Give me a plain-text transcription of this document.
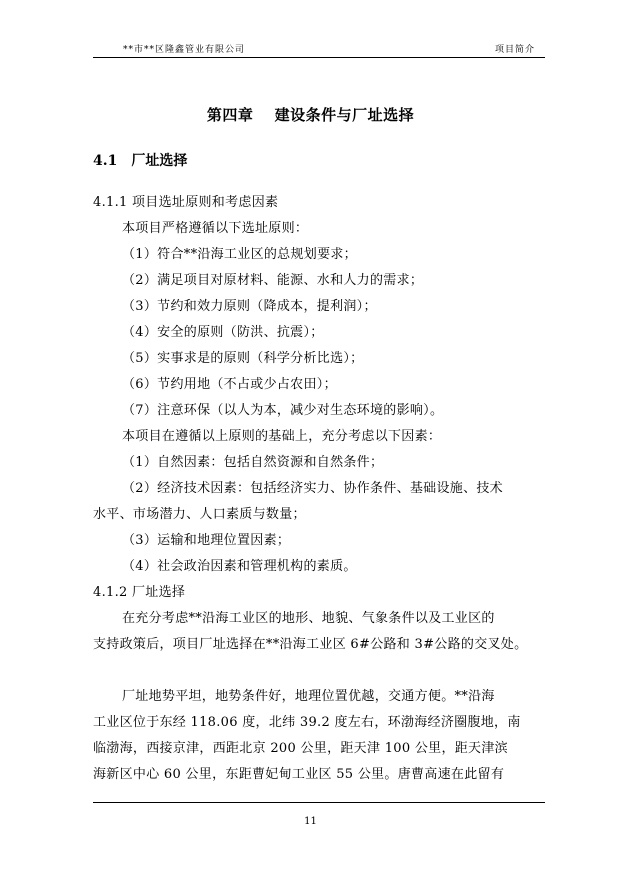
**市**区隆鑫管业有限公司	项目简介
第四章　 建设条件与厂址选择
4.1 厂址选择
4.1.1 项目选址原则和考虑因素
本项目严格遵循以下选址原则：
（1）符合**沿海工业区的总规划要求；
（2）满足项目对原材料、能源、水和人力的需求；
（3）节约和效力原则（降成本，提利润）；
（4）安全的原则（防洪、抗震）；
（5）实事求是的原则（科学分析比选）；
（6）节约用地（不占或少占农田）；
（7）注意环保（以人为本，减少对生态环境的影响）。
本项目在遵循以上原则的基础上，充分考虑以下因素：
（1）自然因素：包括自然资源和自然条件；
（2）经济技术因素：包括经济实力、协作条件、基础设施、技术
水平、市场潜力、人口素质与数量；
（3）运输和地理位置因素；
（4）社会政治因素和管理机构的素质。
4.1.2 厂址选择
在充分考虑**沿海工业区的地形、地貌、气象条件以及工业区的
支持政策后，项目厂址选择在**沿海工业区 6#公路和 3#公路的交叉处。
厂址地势平坦，地势条件好，地理位置优越，交通方便。**沿海
工业区位于东经 118.06 度，北纬 39.2 度左右，环渤海经济圈腹地，南
临渤海，西接京津，西距北京 200 公里，距天津 100 公里，距天津滨
海新区中心 60 公里，东距曹妃甸工业区 55 公里。唐曹高速在此留有
11
